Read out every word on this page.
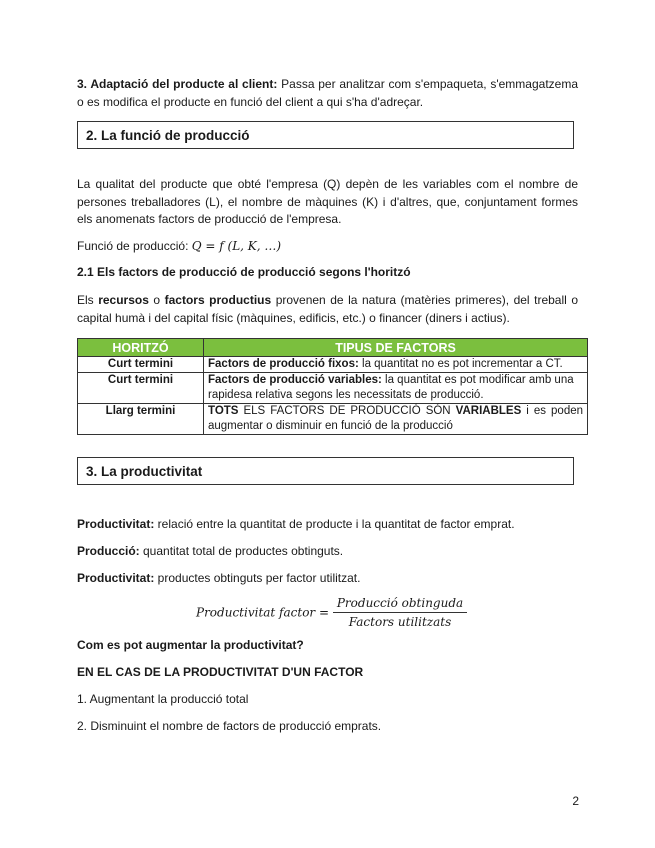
3. Adaptació del producte al client: Passa per analitzar com s'empaqueta, s'emmagatzema o es modifica el producte en funció del client a qui s'ha d'adreçar.

2. La funció de producció

La qualitat del producte que obté l'empresa (Q) depèn de les variables com el nombre de persones treballadores (L), el nombre de màquines (K) i d'altres, que, conjuntament formes els anomenats factors de producció de l'empresa.

Funció de producció: Q = f (L, K, …)

2.1 Els factors de producció de producció segons l'horitzó

Els recursos o factors productius provenen de la natura (matèries primeres), del treball o capital humà i del capital físic (màquines, edificis, etc.) o financer (diners i actius).

HORITZÓ	TIPUS DE FACTORS
Curt termini	Factors de producció fixos: la quantitat no es pot incrementar a CT.
Curt termini	Factors de producció variables: la quantitat es pot modificar amb una rapidesa relativa segons les necessitats de producció.
Llarg termini	TOTS ELS FACTORS DE PRODUCCIÓ SÓN VARIABLES i es poden augmentar o disminuir en funció de la producció
3. La productivitat

Productivitat: relació entre la quantitat de producte i la quantitat de factor emprat.

Producció: quantitat total de productes obtinguts.

Productivitat: productes obtinguts per factor utilitzat.

Productivitat factor = $\frac{\text{Producció obtinguda}}{\text{Factors utilitzats}}$

Com es pot augmentar la productivitat?

EN EL CAS DE LA PRODUCTIVITAT D'UN FACTOR

1. Augmentant la producció total

2. Disminuint el nombre de factors de producció emprats.

2
